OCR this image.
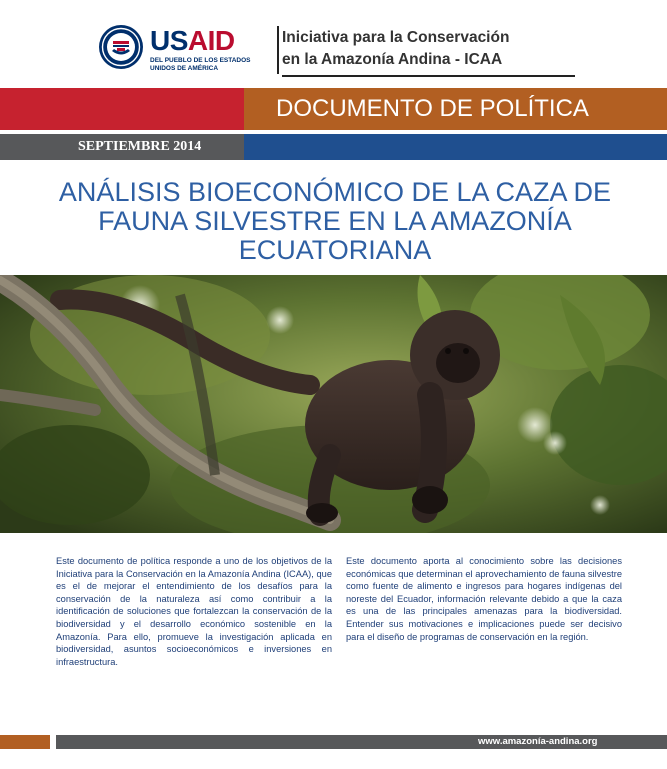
USAID
DEL PUEBLO DE LOS ESTADOS UNIDOS DE AMÉRICA
Iniciativa para la Conservación
en la Amazonía Andina - ICAA
DOCUMENTO DE POLÍTICA
SEPTIEMBRE 2014
ANÁLISIS BIOECONÓMICO DE LA CAZA DE FAUNA SILVESTRE EN LA AMAZONÍA ECUATORIANA
Este documento de política responde a uno de los objetivos de la Iniciativa para la Conservación en la Amazonía Andina (ICAA), que es el de mejorar el entendimiento de los desafíos para la conservación de la naturaleza así como contribuir a la identificación de soluciones que fortalezcan la conservación de la biodiversidad y el desarrollo económico sostenible en la Amazonía. Para ello, promueve la investigación aplicada en biodiversidad, asuntos socioeconómicos e inversiones en infraestructura.
Este documento aporta al conocimiento sobre las decisiones económicas que determinan el aprovechamiento de fauna silvestre como fuente de alimento e ingresos para hogares indígenas del noreste del Ecuador, información relevante debido a que la caza es una de las principales amenazas para la biodiversidad. Entender sus motivaciones e implicaciones puede ser decisivo para el diseño de programas de conservación en la región.
www.amazonía-andina.org
